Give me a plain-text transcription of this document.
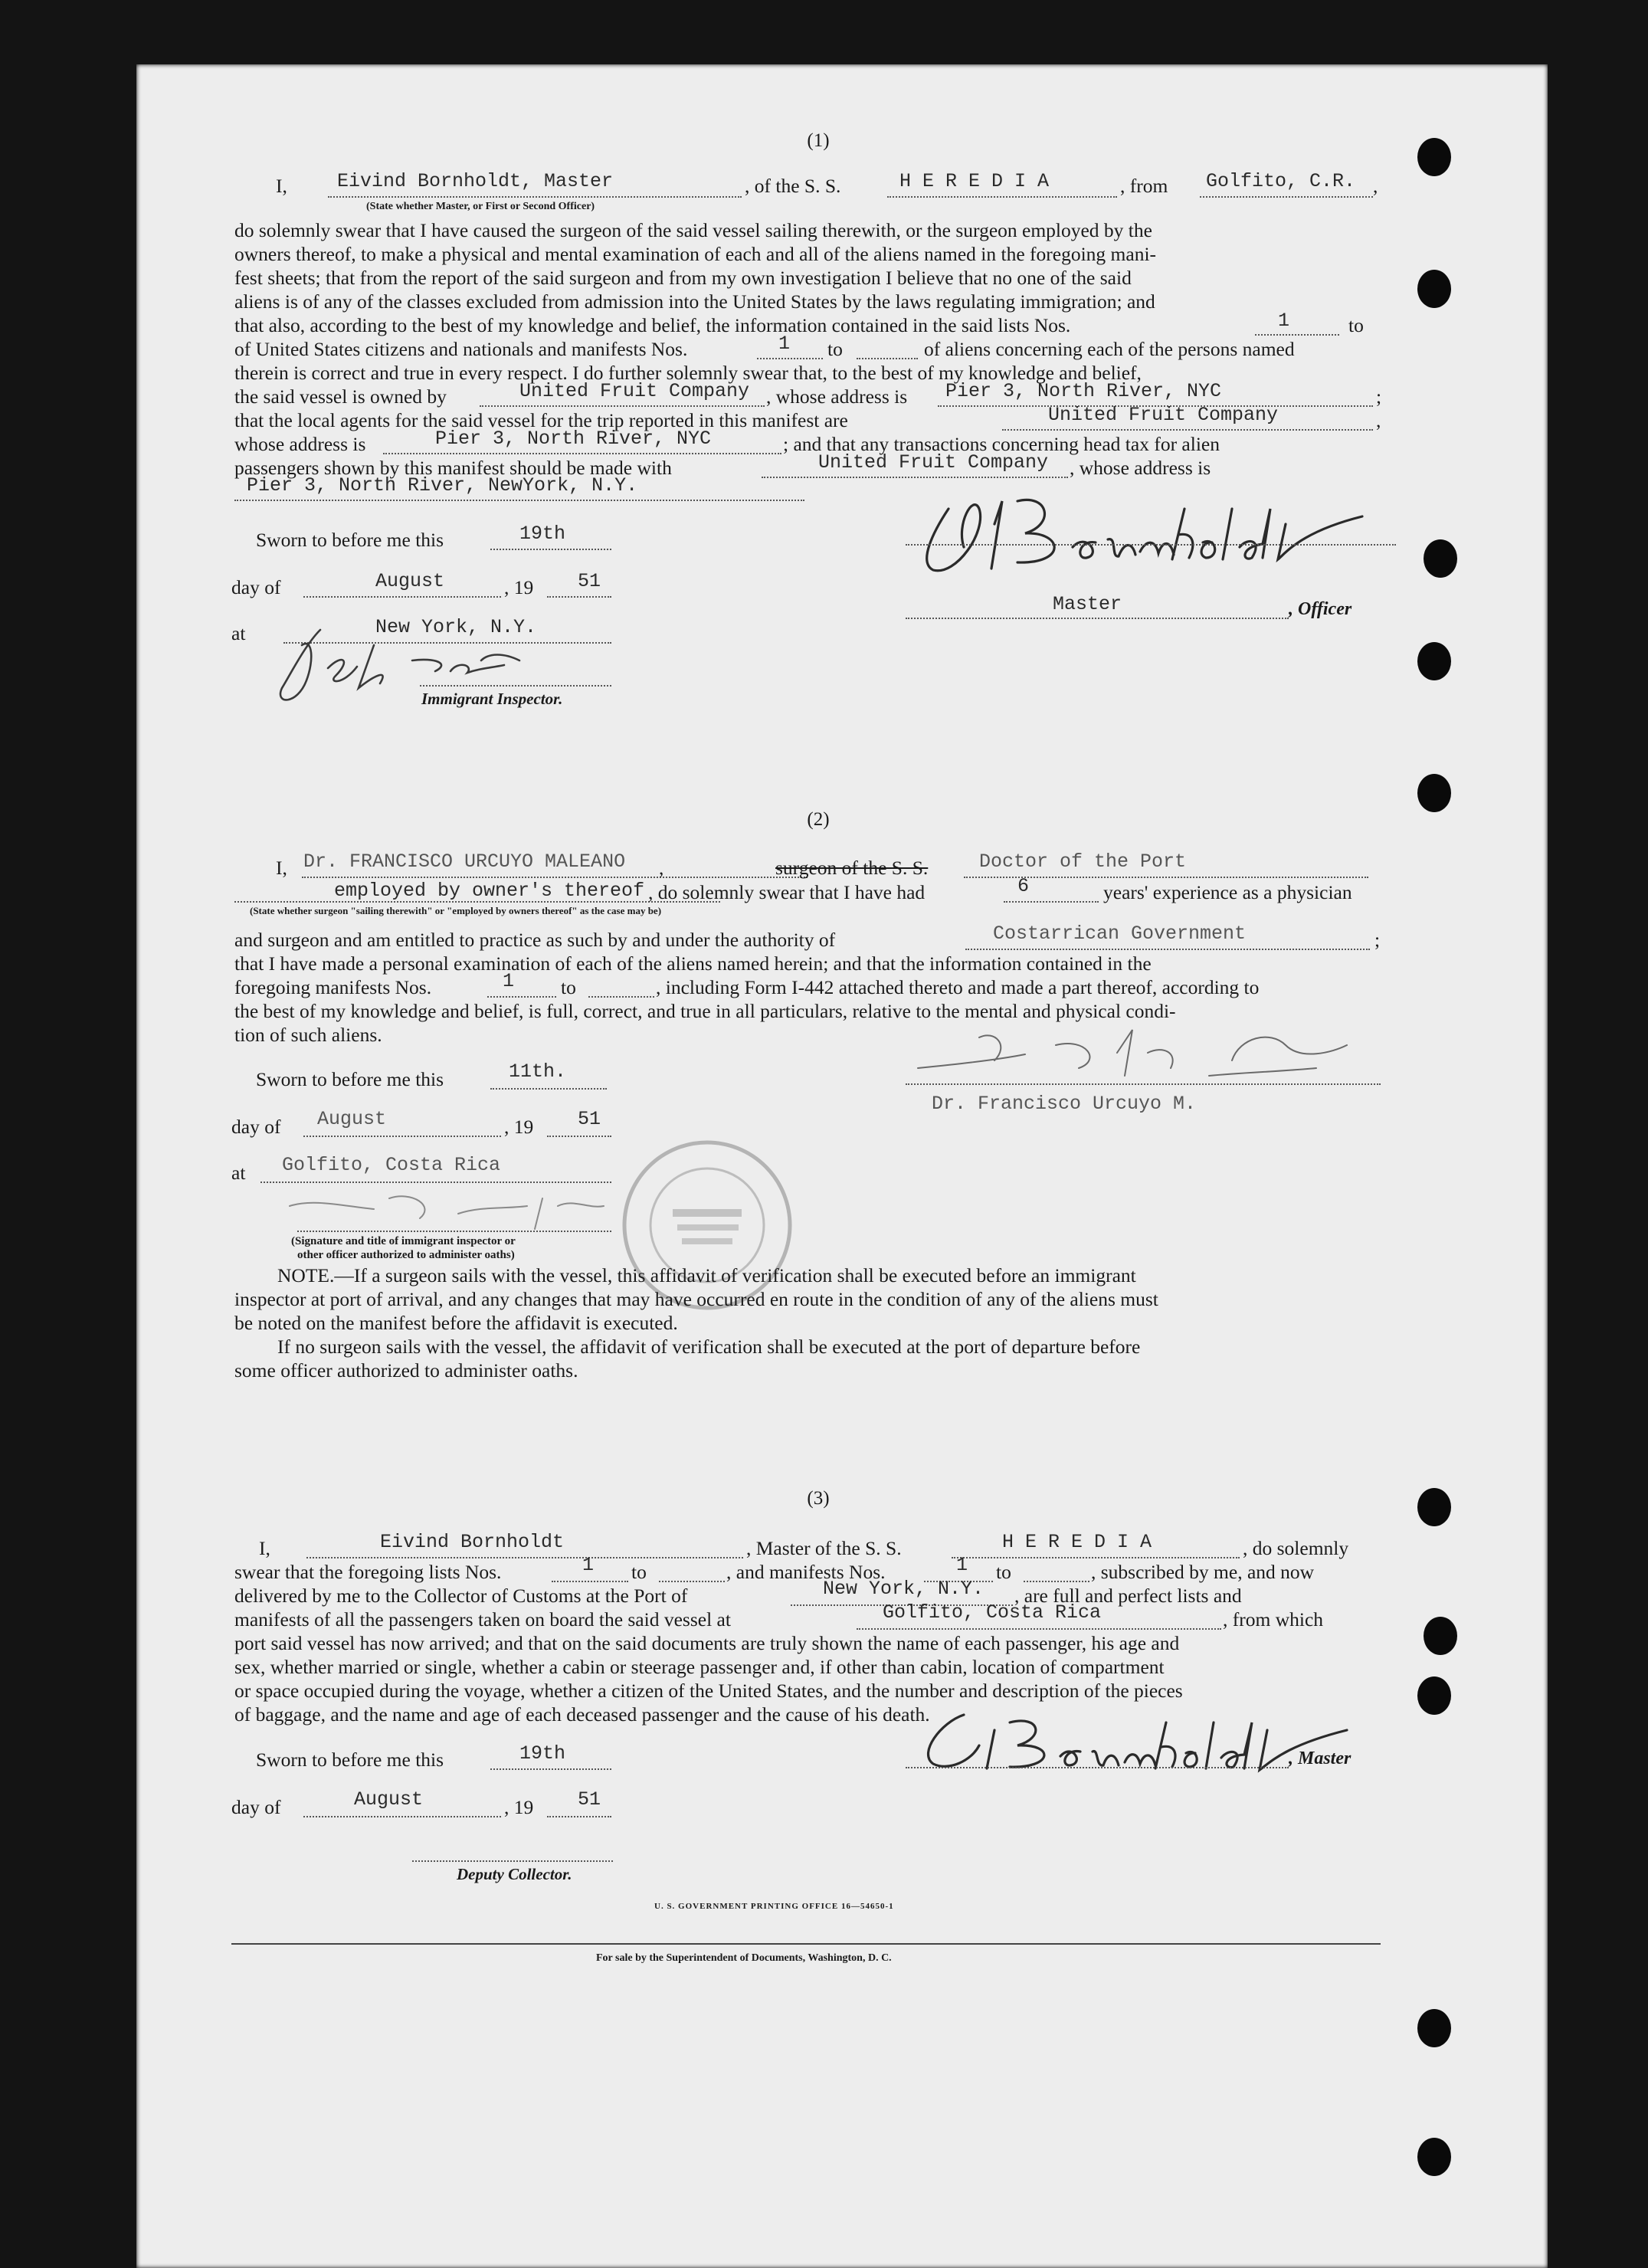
(1)
I,	Eivind Bornholdt, Master	, of the S. S.	H E R E D I A	, from Golfito, C.R. ,
(State whether Master, or First or Second Officer)
do solemnly swear that I have caused the surgeon of the said vessel sailing therewith, or the surgeon employed by the
owners thereof, to make a physical and mental examination of each and all of the aliens named in the foregoing mani-
fest sheets; that from the report of the said surgeon and from my own investigation I believe that no one of the said
aliens is of any of the classes excluded from admission into the United States by the laws regulating immigration; and
that also, according to the best of my knowledge and belief, the information contained in the said lists Nos.	1	to
of United States citizens and nationals and manifests Nos.	1 to	of aliens concerning each of the persons named
therein is correct and true in every respect. I do further solemnly swear that, to the best of my knowledge and belief,
the said vessel is owned by	United Fruit Company , whose address is Pier 3, North River, NYC	;
that the local agents for the said vessel for the trip reported in this manifest are	United Fruit Company	,
whose address is	Pier 3, North River, NYC	; and that any transactions concerning head tax for alien
passengers shown by this manifest should be made with	United Fruit Company , whose address is
Pier 3, North River, NewYork, N.Y.
Sworn to before me this	19th
day of	August	, 19 51
at	New York, N.Y.
Immigrant Inspector.
Master	, Officer
(2)
I, Dr. FRANCISCO URCUYO MALEANO ,	surgeon of the S. S.	Doctor of the Port
employed by owner's thereof , do solemnly swear that I have had	6	years' experience as a physician
(State whether surgeon "sailing therewith" or "employed by owners thereof" as the case may be)
and surgeon and am entitled to practice as such by and under the authority of	Costarrican Government	;
that I have made a personal examination of each of the aliens named herein; and that the information contained in the
foregoing manifests Nos.	1 to	, including Form I-442 attached thereto and made a part thereof, according to
the best of my knowledge and belief, is full, correct, and true in all particulars, relative to the mental and physical condi-
tion of such aliens.
Dr. Francisco Urcuyo M.
Sworn to before me this	11th.
day of August	, 19 51
at Golfito, Costa Rica
(Signature and title of immigrant inspector or
other officer authorized to administer oaths)
NOTE.—If a surgeon sails with the vessel, this affidavit of verification shall be executed before an immigrant
inspector at port of arrival, and any changes that may have occurred en route in the condition of any of the aliens must
be noted on the manifest before the affidavit is executed.
If no surgeon sails with the vessel, the affidavit of verification shall be executed at the port of departure before
some officer authorized to administer oaths.
(3)
I,	Eivind Bornholdt	, Master of the S. S.	H E R E D I A	, do solemnly
swear that the foregoing lists Nos.	1 to	, and manifests Nos.	1 to	, subscribed by me, and now
delivered by me to the Collector of Customs at the Port of	New York, N.Y. , are full and perfect lists and
manifests of all the passengers taken on board the said vessel at	Golfito, Costa Rica	, from which
port said vessel has now arrived; and that on the said documents are truly shown the name of each passenger, his age and
sex, whether married or single, whether a cabin or steerage passenger and, if other than cabin, location of compartment
or space occupied during the voyage, whether a citizen of the United States, and the number and description of the pieces
of baggage, and the name and age of each deceased passenger and the cause of his death.
, Master
Sworn to before me this	19th
day of	August	, 19 51
Deputy Collector.
U. S. GOVERNMENT PRINTING OFFICE 16—54650-1
For sale by the Superintendent of Documents, Washington, D. C.
